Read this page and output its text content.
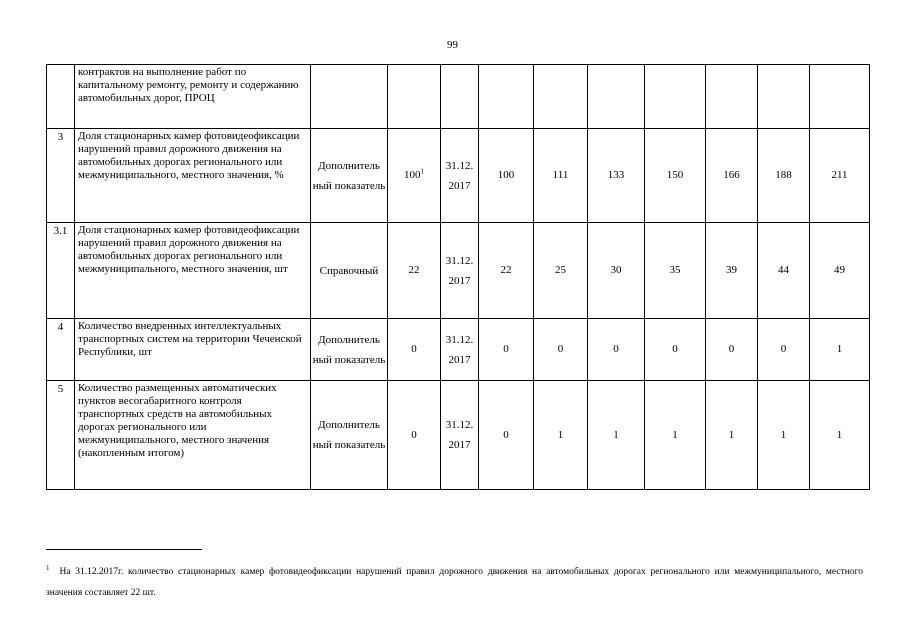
99
	контрактов на выполнение работ по капитальному ремонту, ремонту и содержанию автомобильных дорог, ПРОЦ										
3	Доля стационарных камер фотовидеофиксации нарушений правил дорожного движения на автомобильных дорогах регионального или межмуниципального, местного значения, %	Дополнитель ный показатель	$100^1$	31.12. 2017	100	111	133	150	166	188	211
3.1	Доля стационарных камер фотовидеофиксации нарушений правил дорожного движения на автомобильных дорогах регионального или межмуниципального, местного значения, шт	Справочный	22	31.12. 2017	22	25	30	35	39	44	49
4	Количество внедренных интеллектуальных транспортных систем на территории Чеченской Республики, шт	Дополнитель ный показатель	0	31.12. 2017	0	0	0	0	0	0	1
5	Количество размещенных автоматических пунктов весогабаритного контроля транспортных средств на автомобильных дорогах регионального или межмуниципального, местного значения (накопленным итогом)	Дополнитель ный показатель	0	31.12. 2017	0	1	1	1	1	1	1
$^1$ На 31.12.2017г. количество стационарных камер фотовидеофиксации нарушений правил дорожного движения на автомобильных дорогах регионального или межмуниципального, местного значения составляет 22 шт.
